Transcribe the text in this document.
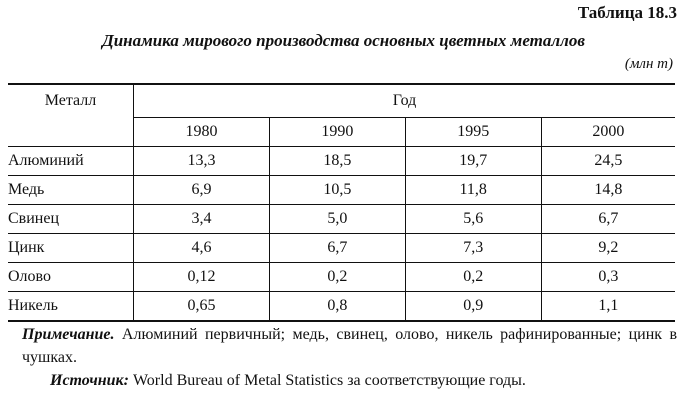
Таблица 18.3
Динамика мирового производства основных цветных металлов
(млн т)
Металл	Год			
	1980	1990	1995	2000
Алюминий	13,3	18,5	19,7	24,5
Медь	6,9	10,5	11,8	14,8
Свинец	3,4	5,0	5,6	6,7
Цинк	4,6	6,7	7,3	9,2
Олово	0,12	0,2	0,2	0,3
Никель	0,65	0,8	0,9	1,1
Примечание. Алюминий первичный; медь, свинец, олово, никель рафинированные; цинк в чушках.
Источник: World Bureau of Metal Statistics за соответствующие годы.
